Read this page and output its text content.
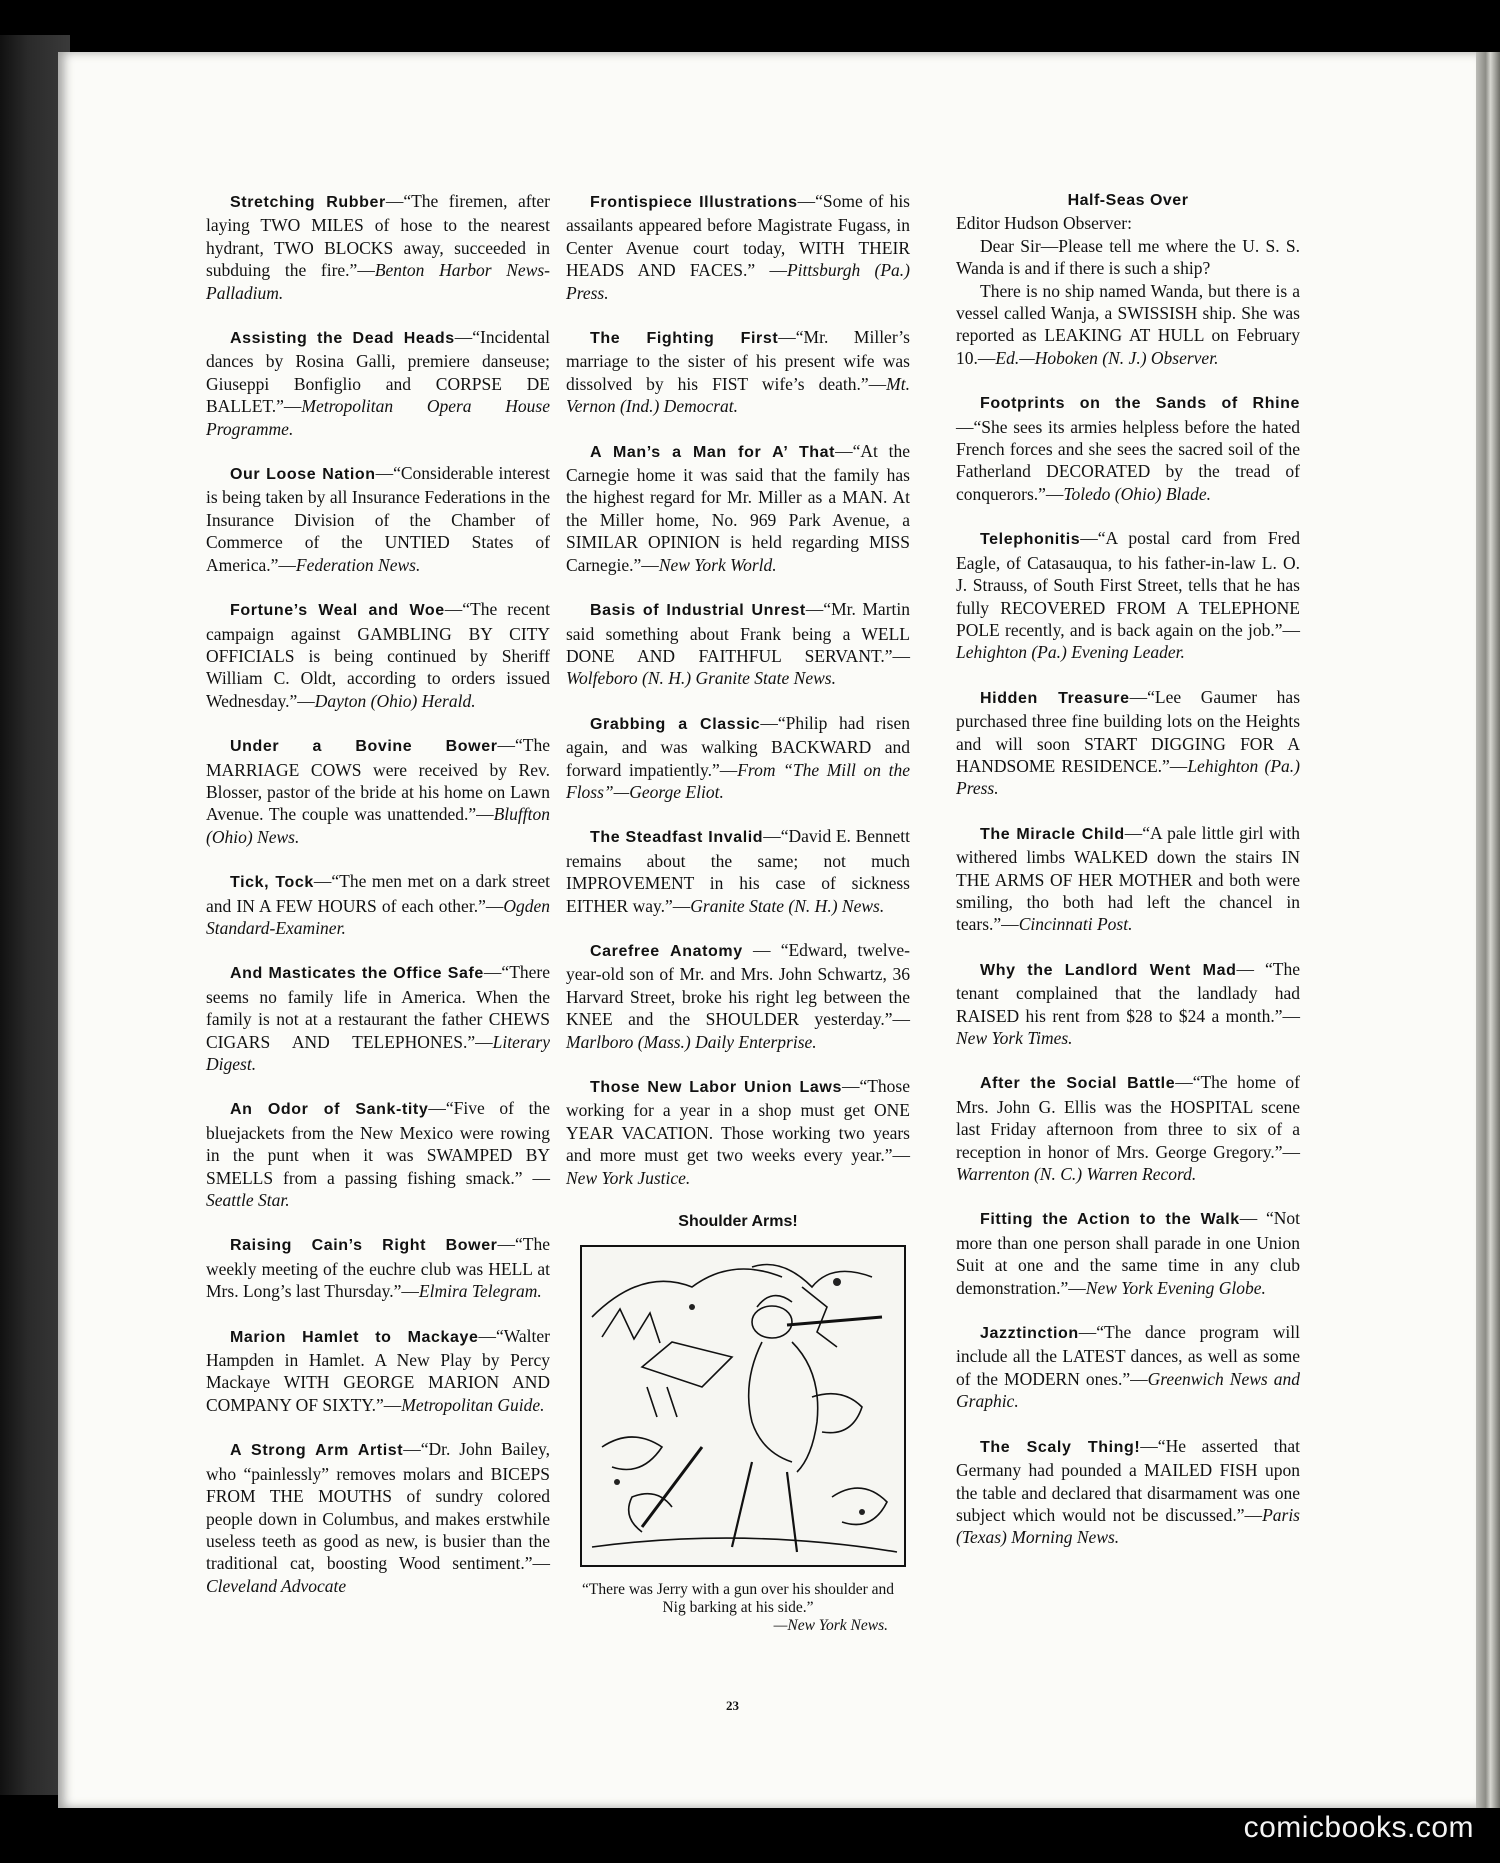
Stretching Rubber—“The firemen, after laying TWO MILES of hose to the nearest hydrant, TWO BLOCKS away, succeeded in subduing the fire.”—Benton Harbor News-Palladium.

Assisting the Dead Heads—“Incidental dances by Rosina Galli, premiere danseuse; Giuseppi Bonfiglio and CORPSE DE BALLET.”—Metropolitan Opera House Programme.

Our Loose Nation—“Considerable interest is being taken by all Insurance Federations in the Insurance Division of the Chamber of Commerce of the UNTIED States of America.”—Federation News.

Fortune’s Weal and Woe—“The recent campaign against GAMBLING BY CITY OFFICIALS is being continued by Sheriff William C. Oldt, according to orders issued Wednesday.”—Dayton (Ohio) Herald.

Under a Bovine Bower—“The MARRIAGE COWS were received by Rev. Blosser, pastor of the bride at his home on Lawn Avenue. The couple was unattended.”—Bluffton (Ohio) News.

Tick, Tock—“The men met on a dark street and IN A FEW HOURS of each other.”—Ogden Standard-Examiner.

And Masticates the Office Safe—“There seems no family life in America. When the family is not at a restaurant the father CHEWS CIGARS AND TELEPHONES.”—Literary Digest.

An Odor of Sank-tity—“Five of the bluejackets from the New Mexico were rowing in the punt when it was SWAMPED BY SMELLS from a passing fishing smack.” —Seattle Star.

Raising Cain’s Right Bower—“The weekly meeting of the euchre club was HELL at Mrs. Long’s last Thursday.”—Elmira Telegram.

Marion Hamlet to Mackaye—“Walter Hampden in Hamlet. A New Play by Percy Mackaye WITH GEORGE MARION AND COMPANY OF SIXTY.”—Metropolitan Guide.

A Strong Arm Artist—“Dr. John Bailey, who “painlessly” removes molars and BICEPS FROM THE MOUTHS of sundry colored people down in Columbus, and makes erstwhile useless teeth as good as new, is busier than the traditional cat, boosting Wood sentiment.”—Cleveland Advocate

Frontispiece Illustrations—“Some of his assailants appeared before Magistrate Fugass, in Center Avenue court today, WITH THEIR HEADS AND FACES.” —Pittsburgh (Pa.) Press.

The Fighting First—“Mr. Miller’s marriage to the sister of his present wife was dissolved by his FIST wife’s death.”—Mt. Vernon (Ind.) Democrat.

A Man’s a Man for A’ That—“At the Carnegie home it was said that the family has the highest regard for Mr. Miller as a MAN. At the Miller home, No. 969 Park Avenue, a SIMILAR OPINION is held regarding MISS Carnegie.”—New York World.

Basis of Industrial Unrest—“Mr. Martin said something about Frank being a WELL DONE AND FAITHFUL SERVANT.”—Wolfeboro (N. H.) Granite State News.

Grabbing a Classic—“Philip had risen again, and was walking BACKWARD and forward impatiently.”—From “The Mill on the Floss”—George Eliot.

The Steadfast Invalid—“David E. Bennett remains about the same; not much IMPROVEMENT in his case of sickness EITHER way.”—Granite State (N. H.) News.

Carefree Anatomy — “Edward, twelve-year-old son of Mr. and Mrs. John Schwartz, 36 Harvard Street, broke his right leg between the KNEE and the SHOULDER yesterday.”—Marlboro (Mass.) Daily Enterprise.

Those New Labor Union Laws—“Those working for a year in a shop must get ONE YEAR VACATION. Those working two years and more must get two weeks every year.”—New York Justice.

Shoulder Arms!
“There was Jerry with a gun over his shoulder and Nig barking at his side.”
—New York News.
Half-Seas Over

Editor Hudson Observer:

Dear Sir—Please tell me where the U. S. S. Wanda is and if there is such a ship?

There is no ship named Wanda, but there is a vessel called Wanja, a SWISSISH ship. She was reported as LEAKING AT HULL on February 10.—Ed.—Hoboken (N. J.) Observer.

Footprints on the Sands of Rhine—“She sees its armies helpless before the hated French forces and she sees the sacred soil of the Fatherland DECORATED by the tread of conquerors.”—Toledo (Ohio) Blade.

Telephonitis—“A postal card from Fred Eagle, of Catasauqua, to his father-in-law L. O. J. Strauss, of South First Street, tells that he has fully RECOVERED FROM A TELEPHONE POLE recently, and is back again on the job.”—Lehighton (Pa.) Evening Leader.

Hidden Treasure—“Lee Gaumer has purchased three fine building lots on the Heights and will soon START DIGGING FOR A HANDSOME RESIDENCE.”—Lehighton (Pa.) Press.

The Miracle Child—“A pale little girl with withered limbs WALKED down the stairs IN THE ARMS OF HER MOTHER and both were smiling, tho both had left the chancel in tears.”—Cincinnati Post.

Why the Landlord Went Mad— “The tenant complained that the landlady had RAISED his rent from $28 to $24 a month.”—New York Times.

After the Social Battle—“The home of Mrs. John G. Ellis was the HOSPITAL scene last Friday afternoon from three to six of a reception in honor of Mrs. George Gregory.”—Warrenton (N. C.) Warren Record.

Fitting the Action to the Walk— “Not more than one person shall parade in one Union Suit at one and the same time in any club demonstration.”—New York Evening Globe.

Jazztinction—“The dance program will include all the LATEST dances, as well as some of the MODERN ones.”—Greenwich News and Graphic.

The Scaly Thing!—“He asserted that Germany had pounded a MAILED FISH upon the table and declared that disarmament was one subject which would not be discussed.”—Paris (Texas) Morning News.

23
comicbooks.com
